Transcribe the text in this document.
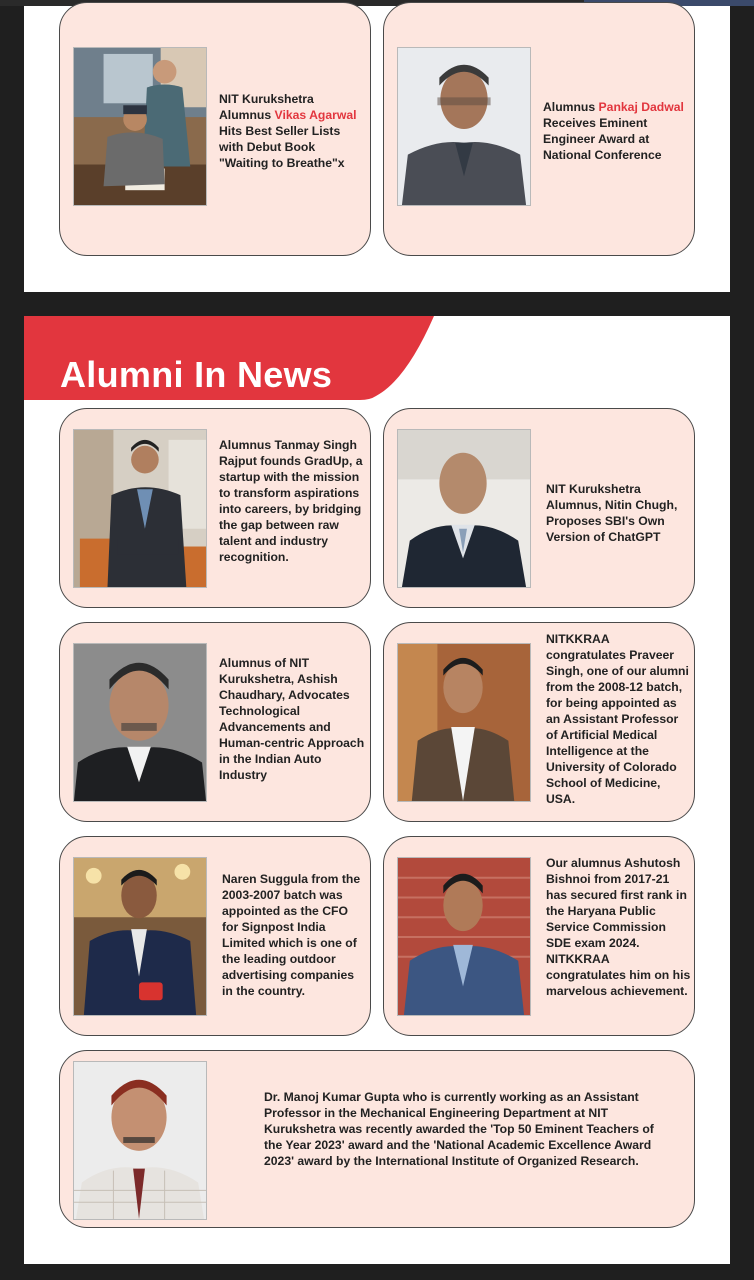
NIT Kurukshetra Alumnus Vikas Agarwal Hits Best Seller Lists with Debut Book "Waiting to Breathe"x
Alumnus Pankaj Dadwal Receives Eminent Engineer Award at National Conference
Alumni In News
Alumnus Tanmay Singh Rajput founds GradUp, a startup with the mission to transform aspirations into careers, by bridging the gap between raw talent and industry recognition.
NIT Kurukshetra Alumnus, Nitin Chugh, Proposes SBI's Own Version of ChatGPT
Alumnus of NIT Kurukshetra, Ashish Chaudhary, Advocates Technological Advancements and Human-centric Approach in the Indian Auto Industry
NITKKRAA congratulates Praveer Singh, one of our alumni from the 2008-12 batch, for being appointed as an Assistant Professor of Artificial Medical Intelligence at the University of Colorado School of Medicine, USA.
Naren Suggula from the 2003-2007 batch was appointed as the CFO for Signpost India Limited which is one of the leading outdoor advertising companies in the country.
Our alumnus Ashutosh Bishnoi from 2017-21 has secured first rank in the Haryana Public Service Commission SDE exam 2024. NITKKRAA congratulates him on his marvelous achievement.
Dr. Manoj Kumar Gupta who is currently working as an Assistant Professor in the Mechanical Engineering Department at NIT Kurukshetra was recently awarded the 'Top 50 Eminent Teachers of the Year 2023' award and the 'National Academic Excellence Award 2023' award by the International Institute of Organized Research.
